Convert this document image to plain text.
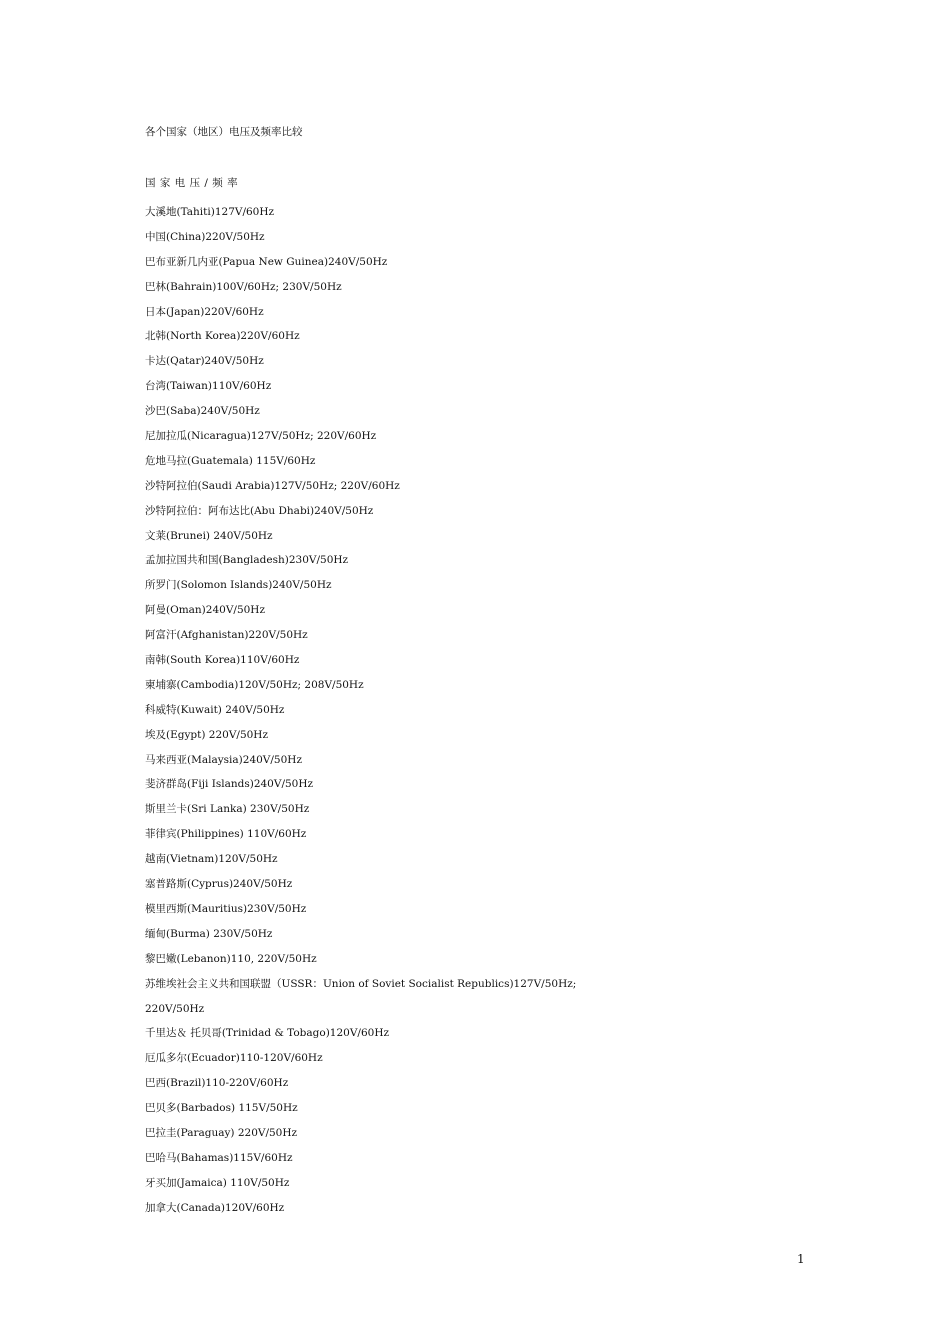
各个国家（地区）电压及频率比较
国 家 电 压 / 频 率
大溪地(Tahiti)127V/60Hz
中国(China)220V/50Hz
巴布亚新几内亚(Papua New Guinea)240V/50Hz
巴林(Bahrain)100V/60Hz; 230V/50Hz
日本(Japan)220V/60Hz
北韩(North Korea)220V/60Hz
卡达(Qatar)240V/50Hz
台湾(Taiwan)110V/60Hz
沙巴(Saba)240V/50Hz
尼加拉瓜(Nicaragua)127V/50Hz; 220V/60Hz
危地马拉(Guatemala) 115V/60Hz
沙特阿拉伯(Saudi Arabia)127V/50Hz; 220V/60Hz
沙特阿拉伯：阿布达比(Abu Dhabi)240V/50Hz
文莱(Brunei) 240V/50Hz
孟加拉国共和国(Bangladesh)230V/50Hz
所罗门(Solomon Islands)240V/50Hz
阿曼(Oman)240V/50Hz
阿富汗(Afghanistan)220V/50Hz
南韩(South Korea)110V/60Hz
柬埔寨(Cambodia)120V/50Hz; 208V/50Hz
科威特(Kuwait) 240V/50Hz
埃及(Egypt) 220V/50Hz
马来西亚(Malaysia)240V/50Hz
斐济群岛(Fiji Islands)240V/50Hz
斯里兰卡(Sri Lanka) 230V/50Hz
菲律宾(Philippines) 110V/60Hz
越南(Vietnam)120V/50Hz
塞普路斯(Cyprus)240V/50Hz
模里西斯(Mauritius)230V/50Hz
缅甸(Burma) 230V/50Hz
黎巴嫩(Lebanon)110, 220V/50Hz
苏维埃社会主义共和国联盟（USSR：Union of Soviet Socialist Republics)127V/50Hz;
220V/50Hz
千里达＆ 托贝哥(Trinidad & Tobago)120V/60Hz
厄瓜多尔(Ecuador)110-120V/60Hz
巴西(Brazil)110-220V/60Hz
巴贝多(Barbados) 115V/50Hz
巴拉圭(Paraguay) 220V/50Hz
巴哈马(Bahamas)115V/60Hz
牙买加(Jamaica) 110V/50Hz
加拿大(Canada)120V/60Hz
1
